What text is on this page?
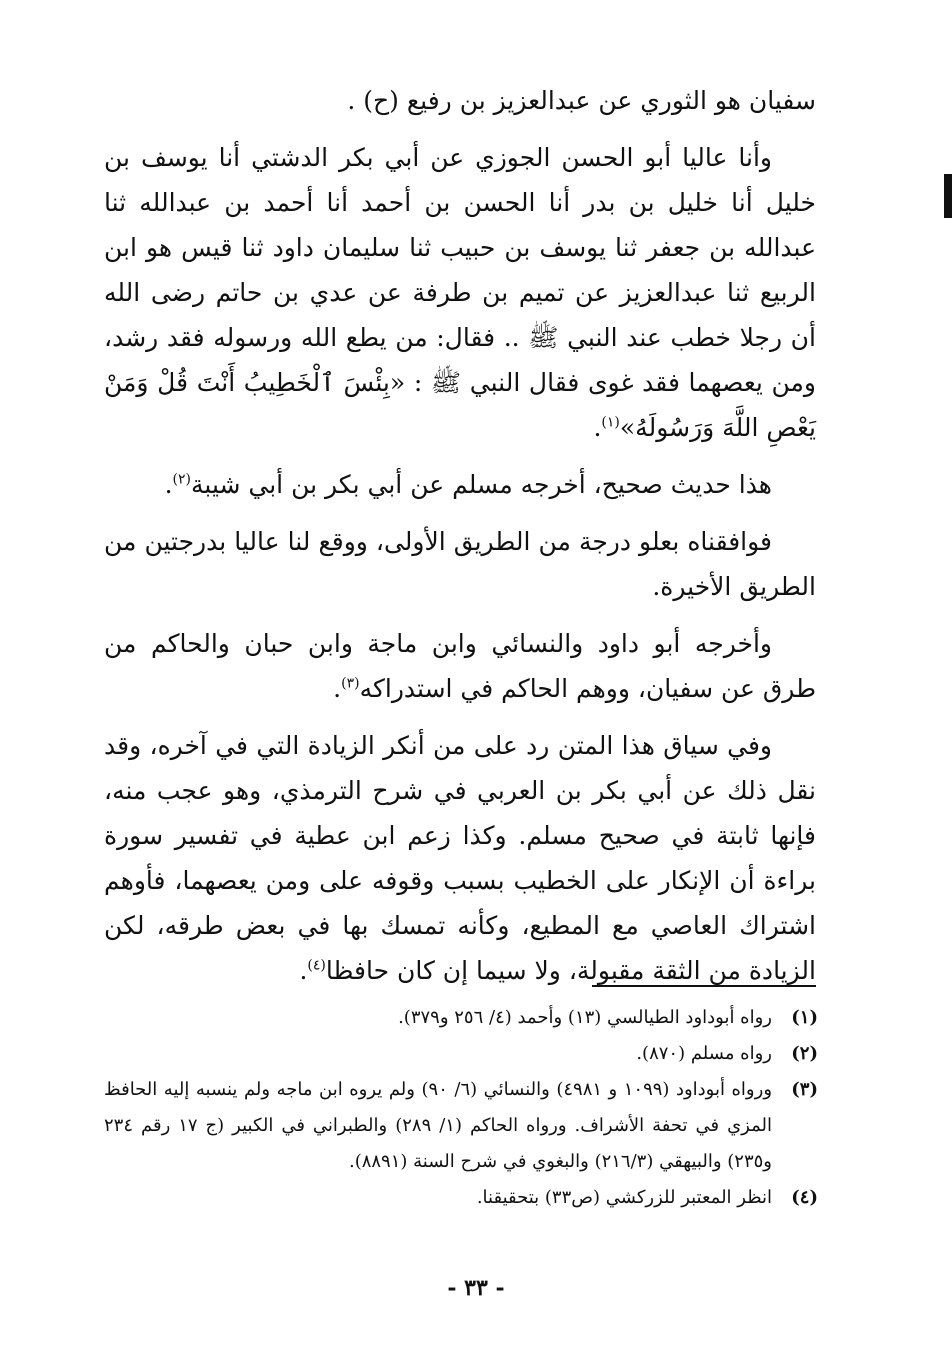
سفيان هو الثوري عن عبدالعزيز بن رفيع (ح) .

وأنا عاليا أبو الحسن الجوزي عن أبي بكر الدشتي أنا يوسف بن خليل أنا خليل بن بدر أنا الحسن بن أحمد أنا أحمد بن عبدالله ثنا عبدالله بن جعفر ثنا يوسف بن حبيب ثنا سليمان داود ثنا قيس هو ابن الربيع ثنا عبدالعزيز عن تميم بن طرفة عن عدي بن حاتم رضى الله أن رجلا خطب عند النبي ﷺ .. فقال: من يطع الله ورسوله فقد رشد، ومن يعصهما فقد غوى فقال النبي ﷺ : «بِئْسَ ٱلْخَطِيبُ أَنْتَ قُلْ وَمَنْ يَعْصِ اللَّهَ وَرَسُولَهُ»$^{(١)}$.

هذا حديث صحيح، أخرجه مسلم عن أبي بكر بن أبي شيبة$^{(٢)}$.

فوافقناه بعلو درجة من الطريق الأولى، ووقع لنا عاليا بدرجتين من الطريق الأخيرة.

وأخرجه أبو داود والنسائي وابن ماجة وابن حبان والحاكم من طرق عن سفيان، ووهم الحاكم في استدراكه$^{(٣)}$.

وفي سياق هذا المتن رد على من أنكر الزيادة التي في آخره، وقد نقل ذلك عن أبي بكر بن العربي في شرح الترمذي، وهو عجب منه، فإنها ثابتة في صحيح مسلم. وكذا زعم ابن عطية في تفسير سورة براءة أن الإنكار على الخطيب بسبب وقوفه على ومن يعصهما، فأوهم اشتراك العاصي مع المطيع، وكأنه تمسك بها في بعض طرقه، لكن الزيادة من الثقة مقبولة، ولا سيما إن كان حافظا$^{(٤)}$.

(١)
رواه أبوداود الطيالسي (١٣) وأحمد (٤/ ٢٥٦ و٣٧٩).
(٢)
رواه مسلم (٨٧٠).
(٣)
ورواه أبوداود (١٠٩٩ و ٤٩٨١) والنسائي (٦/ ٩٠) ولم يروه ابن ماجه ولم ينسبه إليه الحافظ المزي في تحفة الأشراف. ورواه الحاكم (١/ ٢٨٩) والطبراني في الكبير (ج ١٧ رقم ٢٣٤ و٢٣٥) والبيهقي (٢١٦/٣) والبغوي في شرح السنة (٨٨٩١).
(٤)
انظر المعتبر للزركشي (ص٣٣) بتحقيقنا.
- ٣٣ -
